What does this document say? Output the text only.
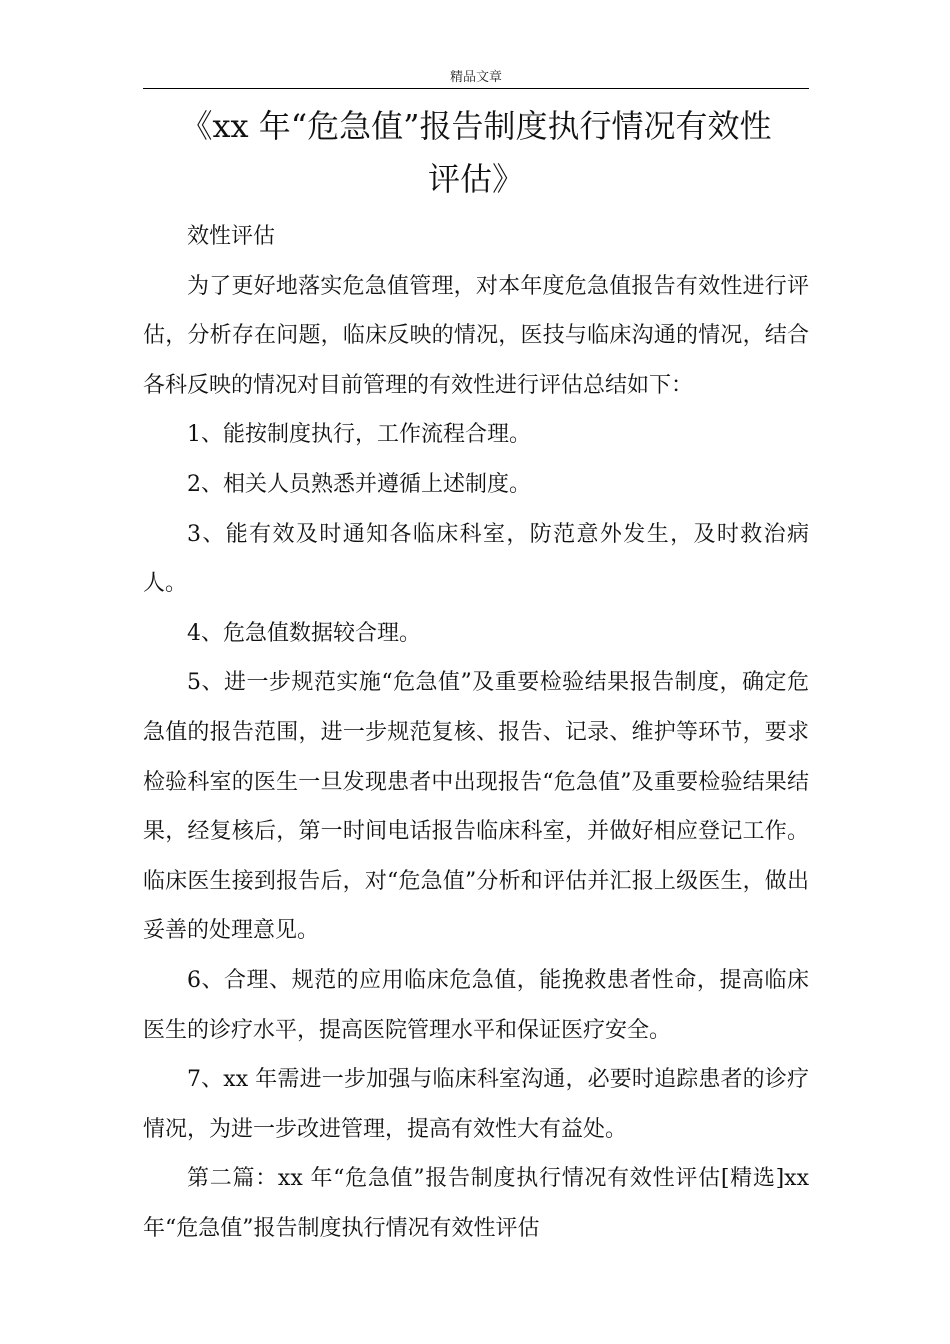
精品文章
《xx 年“危急值”报告制度执行情况有效性
评估》

效性评估

为了更好地落实危急值管理，对本年度危急值报告有效性进行评估，分析存在问题，临床反映的情况，医技与临床沟通的情况，结合各科反映的情况对目前管理的有效性进行评估总结如下：

1、能按制度执行，工作流程合理。

2、相关人员熟悉并遵循上述制度。

3、能有效及时通知各临床科室，防范意外发生，及时救治病人。

4、危急值数据较合理。

5、进一步规范实施“危急值”及重要检验结果报告制度，确定危急值的报告范围，进一步规范复核、报告、记录、维护等环节，要求检验科室的医生一旦发现患者中出现报告“危急值”及重要检验结果结果，经复核后，第一时间电话报告临床科室，并做好相应登记工作。临床医生接到报告后，对“危急值”分析和评估并汇报上级医生，做出妥善的处理意见。

6、合理、规范的应用临床危急值，能挽救患者性命，提高临床医生的诊疗水平，提高医院管理水平和保证医疗安全。

7、xx 年需进一步加强与临床科室沟通，必要时追踪患者的诊疗情况，为进一步改进管理，提高有效性大有益处。

第二篇：xx 年“危急值”报告制度执行情况有效性评估[精选]xx 年“危急值”报告制度执行情况有效性评估
